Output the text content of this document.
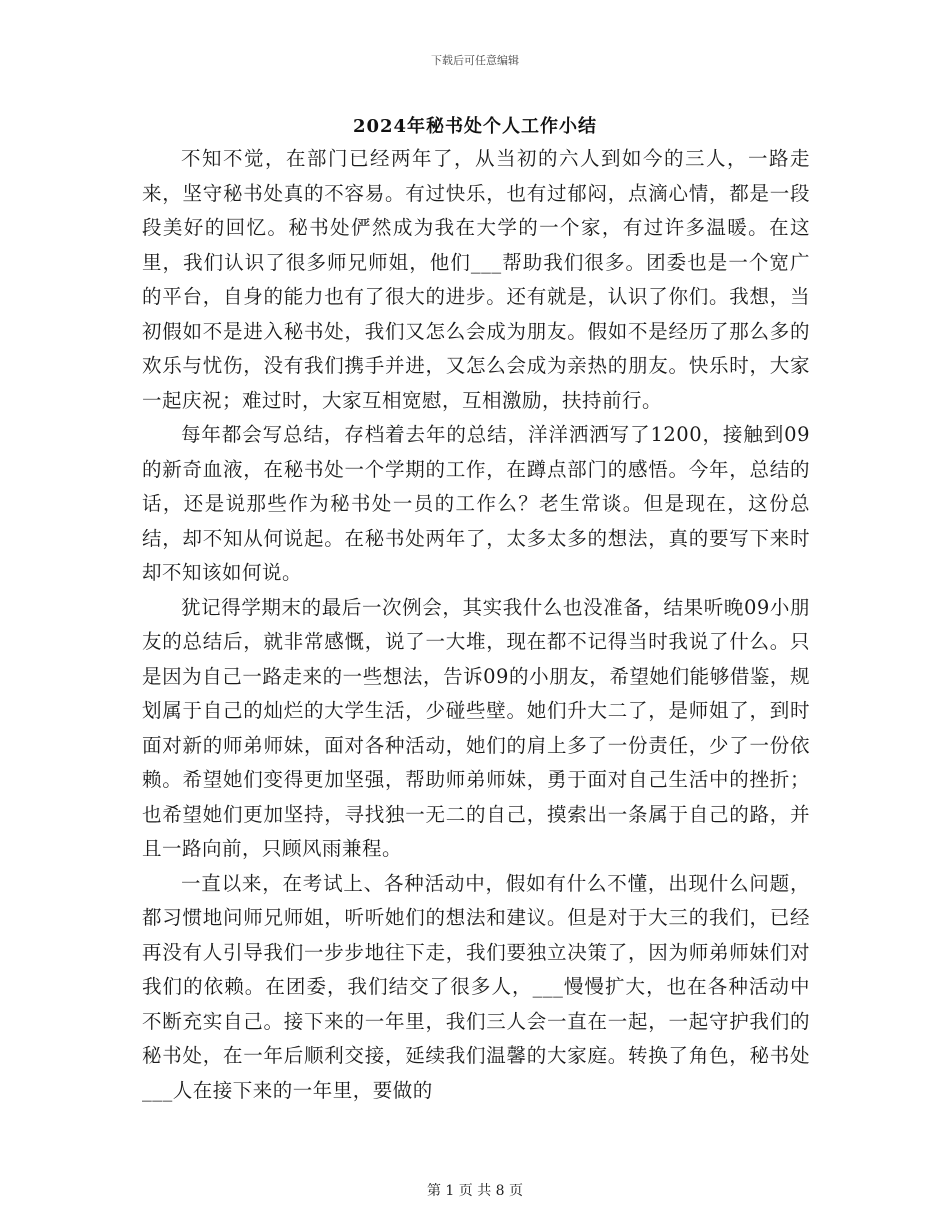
下载后可任意编辑
2024年秘书处个人工作小结

不知不觉，在部门已经两年了，从当初的六人到如今的三人，一路走来，坚守秘书处真的不容易。有过快乐，也有过郁闷，点滴心情，都是一段段美好的回忆。秘书处俨然成为我在大学的一个家，有过许多温暖。在这里，我们认识了很多师兄师姐，他们___帮助我们很多。团委也是一个宽广的平台，自身的能力也有了很大的进步。还有就是，认识了你们。我想，当初假如不是进入秘书处，我们又怎么会成为朋友。假如不是经历了那么多的欢乐与忧伤，没有我们携手并进，又怎么会成为亲热的朋友。快乐时，大家一起庆祝；难过时，大家互相宽慰，互相激励，扶持前行。

每年都会写总结，存档着去年的总结，洋洋洒洒写了1200，接触到09的新奇血液，在秘书处一个学期的工作，在蹲点部门的感悟。今年，总结的话，还是说那些作为秘书处一员的工作么？老生常谈。但是现在，这份总结，却不知从何说起。在秘书处两年了，太多太多的想法，真的要写下来时却不知该如何说。

犹记得学期末的最后一次例会，其实我什么也没准备，结果听晚09小朋友的总结后，就非常感慨，说了一大堆，现在都不记得当时我说了什么。只是因为自己一路走来的一些想法，告诉09的小朋友，希望她们能够借鉴，规划属于自己的灿烂的大学生活，少碰些壁。她们升大二了，是师姐了，到时面对新的师弟师妹，面对各种活动，她们的肩上多了一份责任，少了一份依赖。希望她们变得更加坚强，帮助师弟师妹，勇于面对自己生活中的挫折；也希望她们更加坚持，寻找独一无二的自己，摸索出一条属于自己的路，并且一路向前，只顾风雨兼程。

一直以来，在考试上、各种活动中，假如有什么不懂，出现什么问题，都习惯地问师兄师姐，听听她们的想法和建议。但是对于大三的我们，已经再没有人引导我们一步步地往下走，我们要独立决策了，因为师弟师妹们对我们的依赖。在团委，我们结交了很多人，___慢慢扩大，也在各种活动中不断充实自己。接下来的一年里，我们三人会一直在一起，一起守护我们的秘书处，在一年后顺利交接，延续我们温馨的大家庭。转换了角色，秘书处___人在接下来的一年里，要做的

第 1 页 共 8 页
